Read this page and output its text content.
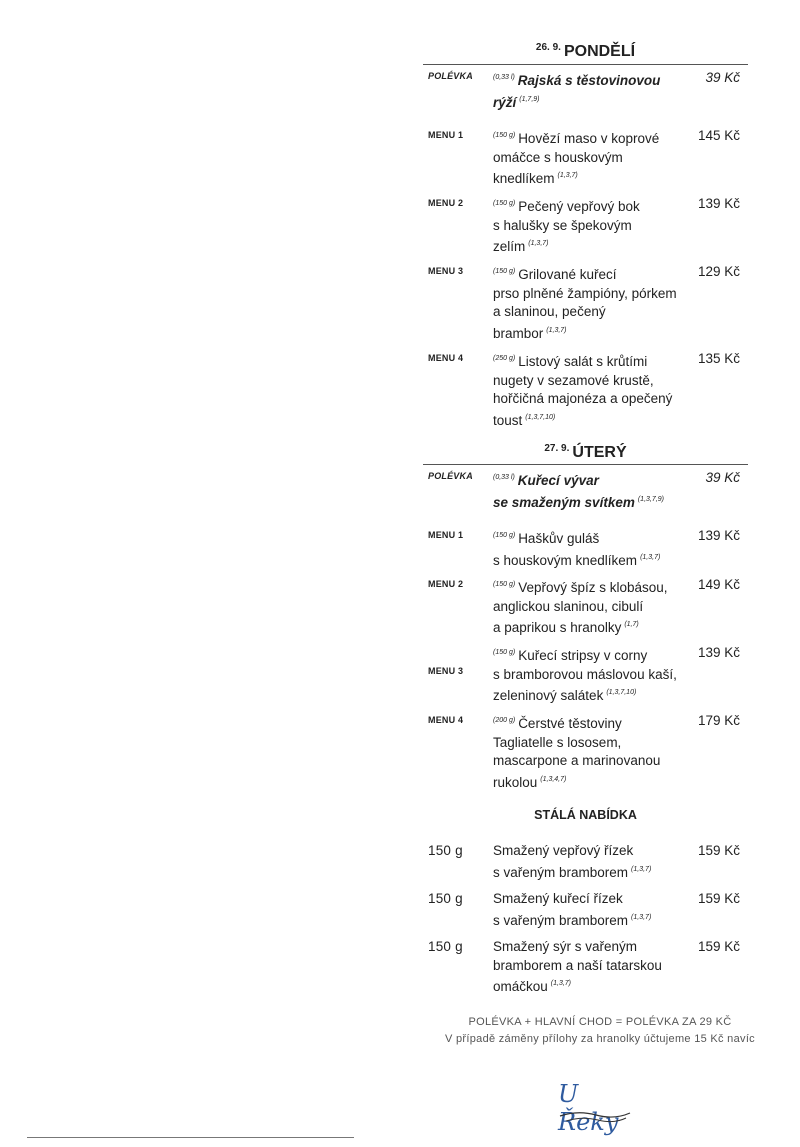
$^{26. 9.}$ PONDĚLÍ
POLÉVKA	$^{(0,33 l)}$ Rajská s těstovinovou
rýží $^{(1,7,9)}$
39 Kč
MENU 1	$^{(150 g)}$ Hovězí maso v koprové
omáčce s houskovým
knedlíkem $^{(1,3,7)}$
145 Kč
MENU 2	$^{(150 g)}$ Pečený vepřový bok
s halušky se špekovým
zelím $^{(1,3,7)}$
139 Kč
MENU 3	$^{(150 g)}$ Grilované kuřecí
prso plněné žampióny, pórkem
a slaninou, pečený
brambor $^{(1,3,7)}$
129 Kč
MENU 4	$^{(250 g)}$ Listový salát s krůtími
nugety v sezamové krustě,
hořčičná majonéza a opečený
toust $^{(1,3,7,10)}$
135 Kč
$^{27. 9.}$ ÚTERÝ
POLÉVKA	$^{(0,33 l)}$ Kuřecí vývar
se smaženým svítkem $^{(1,3,7,9)}$
39 Kč
MENU 1	$^{(150 g)}$ Haškův guláš
s houskovým knedlíkem $^{(1,3,7)}$
139 Kč
MENU 2	$^{(150 g)}$ Vepřový špíz s klobásou,
anglickou slaninou, cibulí
a paprikou s hranolky $^{(1,7)}$
149 Kč
MENU 3
$^{(150 g)}$ Kuřecí stripsy v corny
s bramborovou máslovou kaší,
zeleninový salátek $^{(1,3,7,10)}$
139 Kč
MENU 4	$^{(200 g)}$ Čerstvé těstoviny
Tagliatelle s lososem,
mascarpone a marinovanou
rukolou $^{(1,3,4,7)}$
179 Kč
STÁLÁ NABÍDKA
150 g Smažený vepřový řízek
s vařeným bramborem $^{(1,3,7)}$
159 Kč
150 g Smažený kuřecí řízek
s vařeným bramborem $^{(1,3,7)}$
159 Kč
150 g Smažený sýr s vařeným
bramborem a naší tatarskou
omáčkou $^{(1,3,7)}$
159 Kč
POLÉVKA + HLAVNÍ CHOD = POLÉVKA ZA 29 KČ
V případě záměny přílohy za hranolky účtujeme 15 Kč navíc
U Řeky
